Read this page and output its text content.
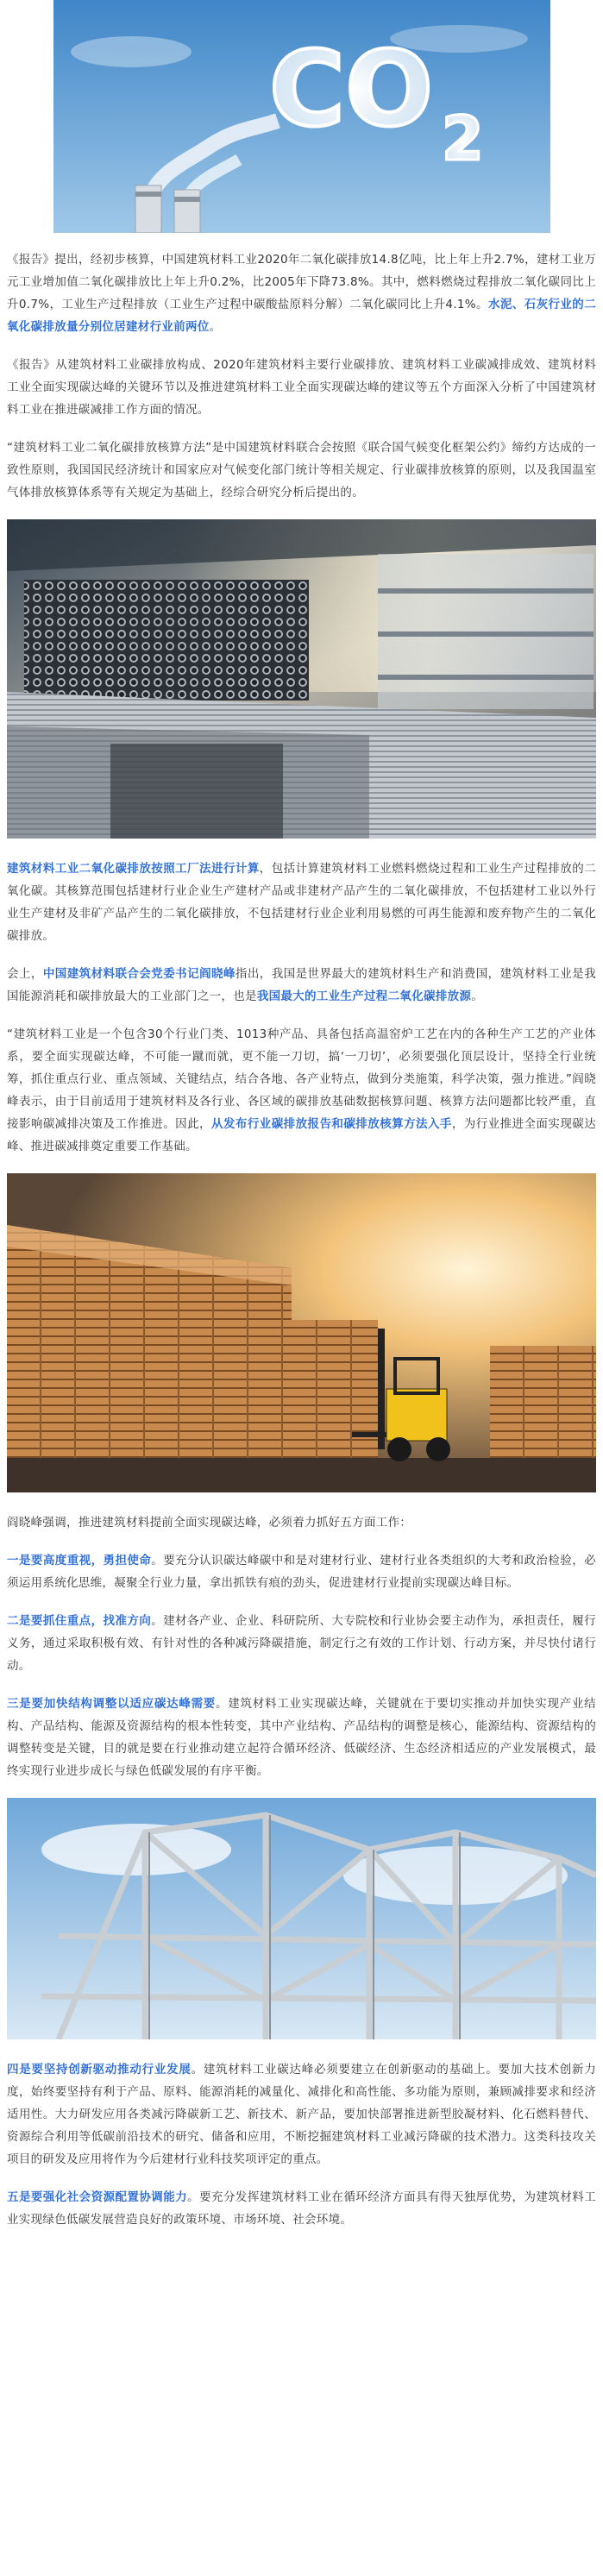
CO 2

《报告》提出，经初步核算，中国建筑材料工业2020年二氧化碳排放14.8亿吨，比上年上升2.7%，建材工业万元工业增加值二氧化碳排放比上年上升0.2%，比2005年下降73.8%。其中，燃料燃烧过程排放二氧化碳同比上升0.7%，工业生产过程排放（工业生产过程中碳酸盐原料分解）二氧化碳同比上升4.1%。水泥、石灰行业的二氧化碳排放量分别位居建材行业前两位。

《报告》从建筑材料工业碳排放构成、2020年建筑材料主要行业碳排放、建筑材料工业碳减排成效、建筑材料工业全面实现碳达峰的关键环节以及推进建筑材料工业全面实现碳达峰的建议等五个方面深入分析了中国建筑材料工业在推进碳减排工作方面的情况。

“建筑材料工业二氧化碳排放核算方法”是中国建筑材料联合会按照《联合国气候变化框架公约》缔约方达成的一致性原则，我国国民经济统计和国家应对气候变化部门统计等相关规定、行业碳排放核算的原则，以及我国温室气体排放核算体系等有关规定为基础上，经综合研究分析后提出的。

建筑材料工业二氧化碳排放按照工厂法进行计算，包括计算建筑材料工业燃料燃烧过程和工业生产过程排放的二氧化碳。其核算范围包括建材行业企业生产建材产品或非建材产品产生的二氧化碳排放，不包括建材工业以外行业生产建材及非矿产品产生的二氧化碳排放，不包括建材行业企业利用易燃的可再生能源和废弃物产生的二氧化碳排放。

会上，中国建筑材料联合会党委书记阎晓峰指出，我国是世界最大的建筑材料生产和消费国，建筑材料工业是我国能源消耗和碳排放最大的工业部门之一，也是我国最大的工业生产过程二氧化碳排放源。

“建筑材料工业是一个包含30个行业门类、1013种产品、具备包括高温窑炉工艺在内的各种生产工艺的产业体系，要全面实现碳达峰，不可能一蹴而就，更不能一刀切，搞‘一刀切’，必须要强化顶层设计，坚持全行业统筹，抓住重点行业、重点领域、关键结点，结合各地、各产业特点，做到分类施策，科学决策，强力推进。”阎晓峰表示，由于目前适用于建筑材料及各行业、各区域的碳排放基础数据核算问题、核算方法问题都比较严重，直接影响碳减排决策及工作推进。因此，从发布行业碳排放报告和碳排放核算方法入手，为行业推进全面实现碳达峰、推进碳减排奠定重要工作基础。

阎晓峰强调，推进建筑材料提前全面实现碳达峰，必须着力抓好五方面工作：

一是要高度重视，勇担使命。要充分认识碳达峰碳中和是对建材行业、建材行业各类组织的大考和政治检验，必须运用系统化思维，凝聚全行业力量，拿出抓铁有痕的劲头，促进建材行业提前实现碳达峰目标。

二是要抓住重点，找准方向。建材各产业、企业、科研院所、大专院校和行业协会要主动作为，承担责任，履行义务，通过采取积极有效、有针对性的各种减污降碳措施，制定行之有效的工作计划、行动方案，并尽快付诸行动。

三是要加快结构调整以适应碳达峰需要。建筑材料工业实现碳达峰，关键就在于要切实推动并加快实现产业结构、产品结构、能源及资源结构的根本性转变，其中产业结构、产品结构的调整是核心，能源结构、资源结构的调整转变是关键，目的就是要在行业推动建立起符合循环经济、低碳经济、生态经济相适应的产业发展模式，最终实现行业进步成长与绿色低碳发展的有序平衡。

四是要坚持创新驱动推动行业发展。建筑材料工业碳达峰必须要建立在创新驱动的基础上。要加大技术创新力度，始终要坚持有利于产品、原料、能源消耗的减量化、减排化和高性能、多功能为原则，兼顾减排要求和经济适用性。大力研发应用各类减污降碳新工艺、新技术、新产品，要加快部署推进新型胶凝材料、化石燃料替代、资源综合利用等低碳前沿技术的研究、储备和应用，不断挖掘建筑材料工业减污降碳的技术潜力。这类科技攻关项目的研发及应用将作为今后建材行业科技奖项评定的重点。

五是要强化社会资源配置协调能力。要充分发挥建筑材料工业在循环经济方面具有得天独厚优势，为建筑材料工业实现绿色低碳发展营造良好的政策环境、市场环境、社会环境。
